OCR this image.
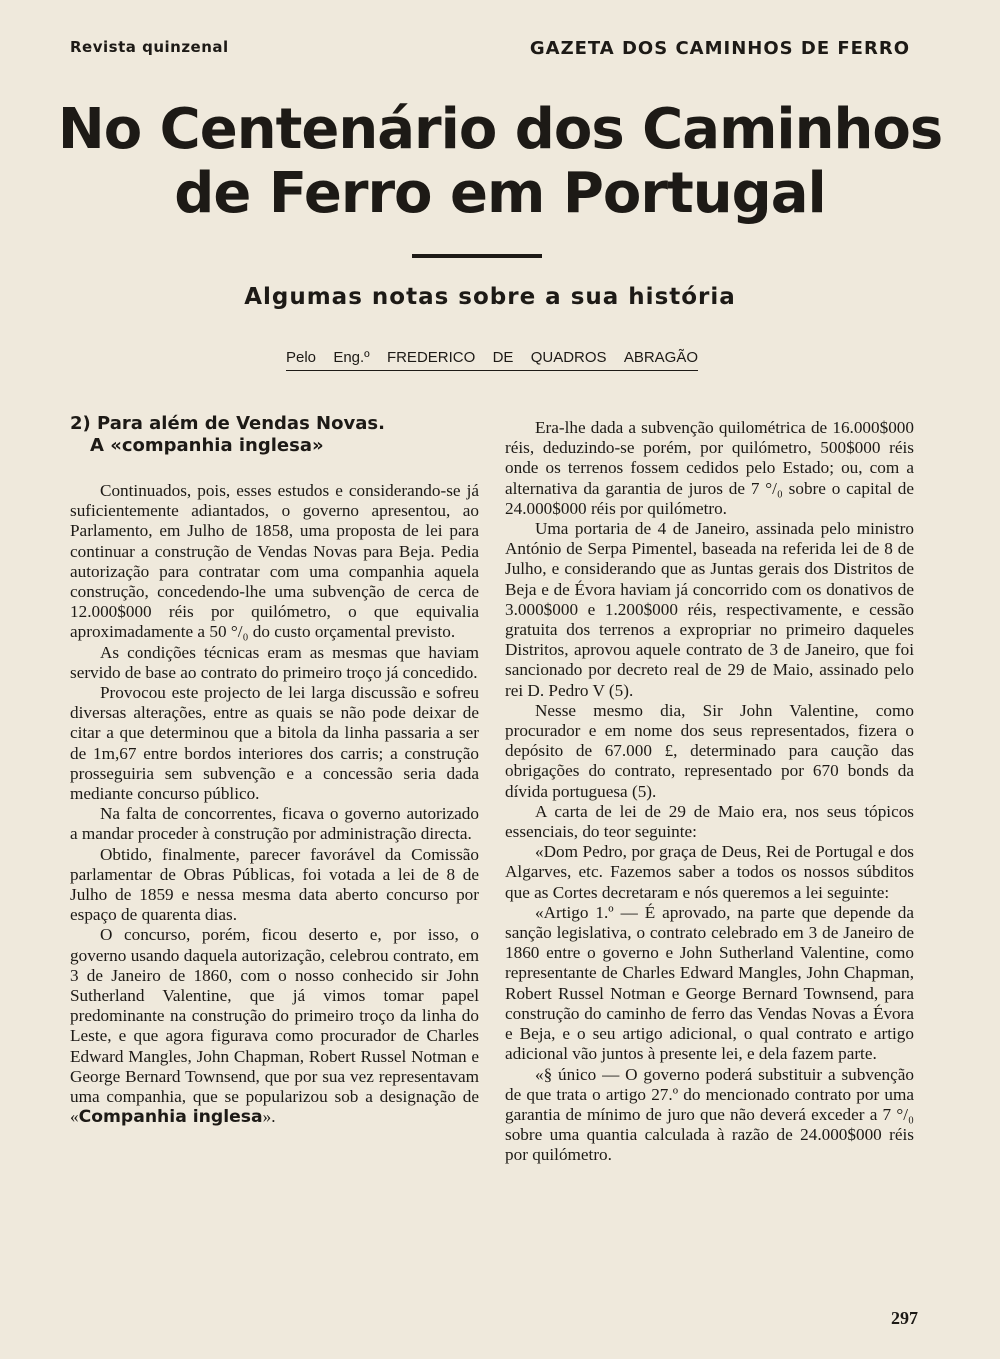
Revista quinzenal	GAZETA DOS CAMINHOS DE FERRO
No Centenário dos Caminhos
de Ferro em Portugal
Algumas notas sobre a sua história
Pelo Eng.º FREDERICO DE QUADROS ABRAGÃO
2) Para além de Vendas Novas.
A «companhia inglesa»

Continuados, pois, esses estudos e considerando-se já suficientemente adiantados, o governo apresentou, ao Parlamento, em Julho de 1858, uma proposta de lei para continuar a construção de Vendas Novas para Beja. Pedia autorização para contratar com uma companhia aquela construção, concedendo-lhe uma subvenção de cerca de 12.000$000 réis por quilómetro, o que equivalia aproximadamente a 50 °/₀ do custo orçamental previsto.

As condições técnicas eram as mesmas que haviam servido de base ao contrato do primeiro troço já concedido.

Provocou este projecto de lei larga discussão e sofreu diversas alterações, entre as quais se não pode deixar de citar a que determinou que a bitola da linha passaria a ser de 1m,67 entre bordos interiores dos carris; a construção prosseguiria sem subvenção e a concessão seria dada mediante concurso público.

Na falta de concorrentes, ficava o governo autorizado a mandar proceder à construção por administração directa.

Obtido, finalmente, parecer favorável da Comissão parlamentar de Obras Públicas, foi votada a lei de 8 de Julho de 1859 e nessa mesma data aberto concurso por espaço de quarenta dias.

O concurso, porém, ficou deserto e, por isso, o governo usando daquela autorização, celebrou contrato, em 3 de Janeiro de 1860, com o nosso conhecido sir John Sutherland Valentine, que já vimos tomar papel predominante na construção do primeiro troço da linha do Leste, e que agora figurava como procurador de Charles Edward Mangles, John Chapman, Robert Russel Notman e George Bernard Townsend, que por sua vez representavam uma companhia, que se popularizou sob a designação de «Companhia inglesa».

Era-lhe dada a subvenção quilométrica de 16.000$000 réis, deduzindo-se porém, por quilómetro, 500$000 réis onde os terrenos fossem cedidos pelo Estado; ou, com a alternativa da garantia de juros de 7 °/₀ sobre o capital de 24.000$000 réis por quilómetro.

Uma portaria de 4 de Janeiro, assinada pelo ministro António de Serpa Pimentel, baseada na referida lei de 8 de Julho, e considerando que as Juntas gerais dos Distritos de Beja e de Évora haviam já concorrido com os donativos de 3.000$000 e 1.200$000 réis, respectivamente, e cessão gratuita dos terrenos a expropriar no primeiro daqueles Distritos, aprovou aquele contrato de 3 de Janeiro, que foi sancionado por decreto real de 29 de Maio, assinado pelo rei D. Pedro V (5).

Nesse mesmo dia, Sir John Valentine, como procurador e em nome dos seus representados, fizera o depósito de 67.000 £, determinado para caução das obrigações do contrato, representado por 670 bonds da dívida portuguesa (5).

A carta de lei de 29 de Maio era, nos seus tópicos essenciais, do teor seguinte:

«Dom Pedro, por graça de Deus, Rei de Portugal e dos Algarves, etc. Fazemos saber a todos os nossos súbditos que as Cortes decretaram e nós queremos a lei seguinte:

«Artigo 1.º — É aprovado, na parte que depende da sanção legislativa, o contrato celebrado em 3 de Janeiro de 1860 entre o governo e John Sutherland Valentine, como representante de Charles Edward Mangles, John Chapman, Robert Russel Notman e George Bernard Townsend, para construção do caminho de ferro das Vendas Novas a Évora e Beja, e o seu artigo adicional, o qual contrato e artigo adicional vão juntos à presente lei, e dela fazem parte.

«§ único — O governo poderá substituir a subvenção de que trata o artigo 27.º do mencionado contrato por uma garantia de mínimo de juro que não deverá exceder a 7 °/₀ sobre uma quantia calculada à razão de 24.000$000 réis por quilómetro.

297
